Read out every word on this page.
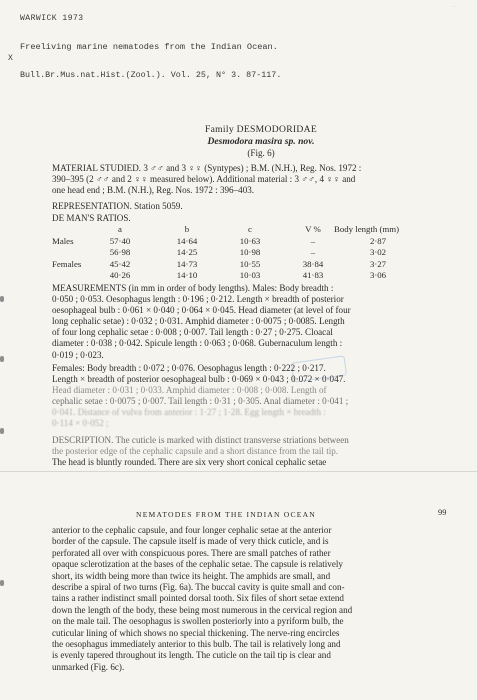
·
WARWICK 1973
Freeliving marine nematodes from the Indian Ocean.
X
Bull.Br.Mus.nat.Hist.(Zool.). Vol. 25, N° 3. 87-117.
Family DESMODORIDAE
Desmodora masira sp. nov.
(Fig. 6)
MATERIAL STUDIED. 3 ♂♂ and 3 ♀♀ (Syntypes) ; B.M. (N.H.), Reg. Nos. 1972 :
390–395 (2 ♂♂ and 2 ♀♀ measured below). Additional material : 3 ♂♂, 4 ♀♀ and
one head end ; B.M. (N.H.), Reg. Nos. 1972 : 396–403.
REPRESENTATION. Station 5059.
DE MAN'S RATIOS.
a	b	c	V %	Body length (mm)
Males	57·40	14·64	10·63	–	2·87
56·98	14·25	10·98	–	3·02
Females	45·42	14·73	10·55	38·84	3·27
40·26	14·10	10·03	41·83	3·06
MEASUREMENTS (in mm in order of body lengths). Males: Body breadth :
0·050 ; 0·053. Oesophagus length : 0·196 ; 0·212. Length × breadth of posterior
oesophageal bulb : 0·061 × 0·040 ; 0·064 × 0·045. Head diameter (at level of four
long cephalic setae) : 0·032 ; 0·031. Amphid diameter : 0·0075 ; 0·0085. Length
of four long cephalic setae : 0·008 ; 0·007. Tail length : 0·27 ; 0·275. Cloacal
diameter : 0·038 ; 0·042. Spicule length : 0·063 ; 0·068. Gubernaculum length :
0·019 ; 0·023.
Females: Body breadth : 0·072 ; 0·076. Oesophagus length : 0·222 ; 0·217.
Length × breadth of posterior oesophageal bulb : 0·069 × 0·043 ; 0·072 × 0·047.
Head diameter : 0·031 ; 0·033. Amphid diameter : 0·008 ; 0·008. Length of
cephalic setae : 0·0075 ; 0·007. Tail length : 0·31 ; 0·305. Anal diameter : 0·041 ;
0·041. Distance of vulva from anterior : 1·27 ; 1·28. Egg length × breadth :
0·114 × 0·052 ;
DESCRIPTION. The cuticle is marked with distinct transverse striations between
the posterior edge of the cephalic capsule and a short distance from the tail tip.
The head is bluntly rounded. There are six very short conical cephalic setae
NEMATODES FROM THE INDIAN OCEAN	99
anterior to the cephalic capsule, and four longer cephalic setae at the anterior
border of the capsule. The capsule itself is made of very thick cuticle, and is
perforated all over with conspicuous pores. There are small patches of rather
opaque sclerotization at the bases of the cephalic setae. The capsule is relatively
short, its width being more than twice its height. The amphids are small, and
describe a spiral of two turns (Fig. 6a). The buccal cavity is quite small and con-
tains a rather indistinct small pointed dorsal tooth. Six files of short setae extend
down the length of the body, these being most numerous in the cervical region and
on the male tail. The oesophagus is swollen posteriorly into a pyriform bulb, the
cuticular lining of which shows no special thickening. The nerve-ring encircles
the oesophagus immediately anterior to this bulb. The tail is relatively long and
is evenly tapered throughout its length. The cuticle on the tail tip is clear and
unmarked (Fig. 6c).
